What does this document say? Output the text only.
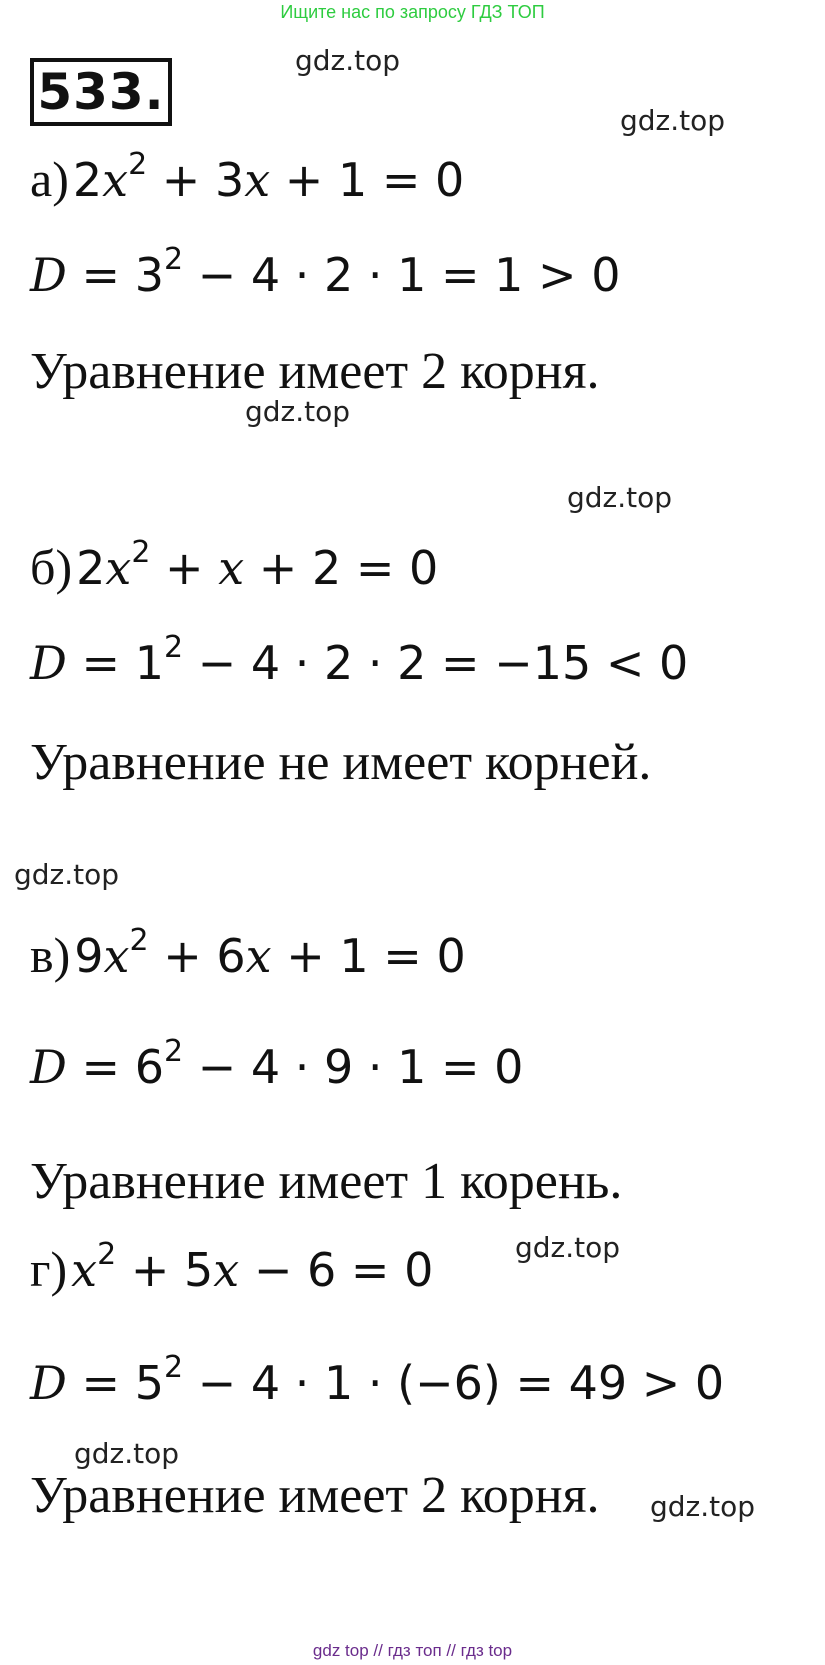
Ищите нас по запросу ГДЗ ТОП
533.
gdz.top
gdz.top
gdz.top
gdz.top
gdz.top
gdz.top
gdz.top
gdz.top
а) $2x^2 + 3x + 1 = 0$
$D = 3^2 - 4 \cdot 2 \cdot 1 = 1 > 0$
Уравнение имеет 2 корня.
б) $2x^2 + x + 2 = 0$
$D = 1^2 - 4 \cdot 2 \cdot 2 = -15 < 0$
Уравнение не имеет корней.
в) $9x^2 + 6x + 1 = 0$
$D = 6^2 - 4 \cdot 9 \cdot 1 = 0$
Уравнение имеет 1 корень.
г) $x^2 + 5x - 6 = 0$
$D = 5^2 - 4 \cdot 1 \cdot (-6) = 49 > 0$
Уравнение имеет 2 корня.
gdz top // гдз топ // гдз top
